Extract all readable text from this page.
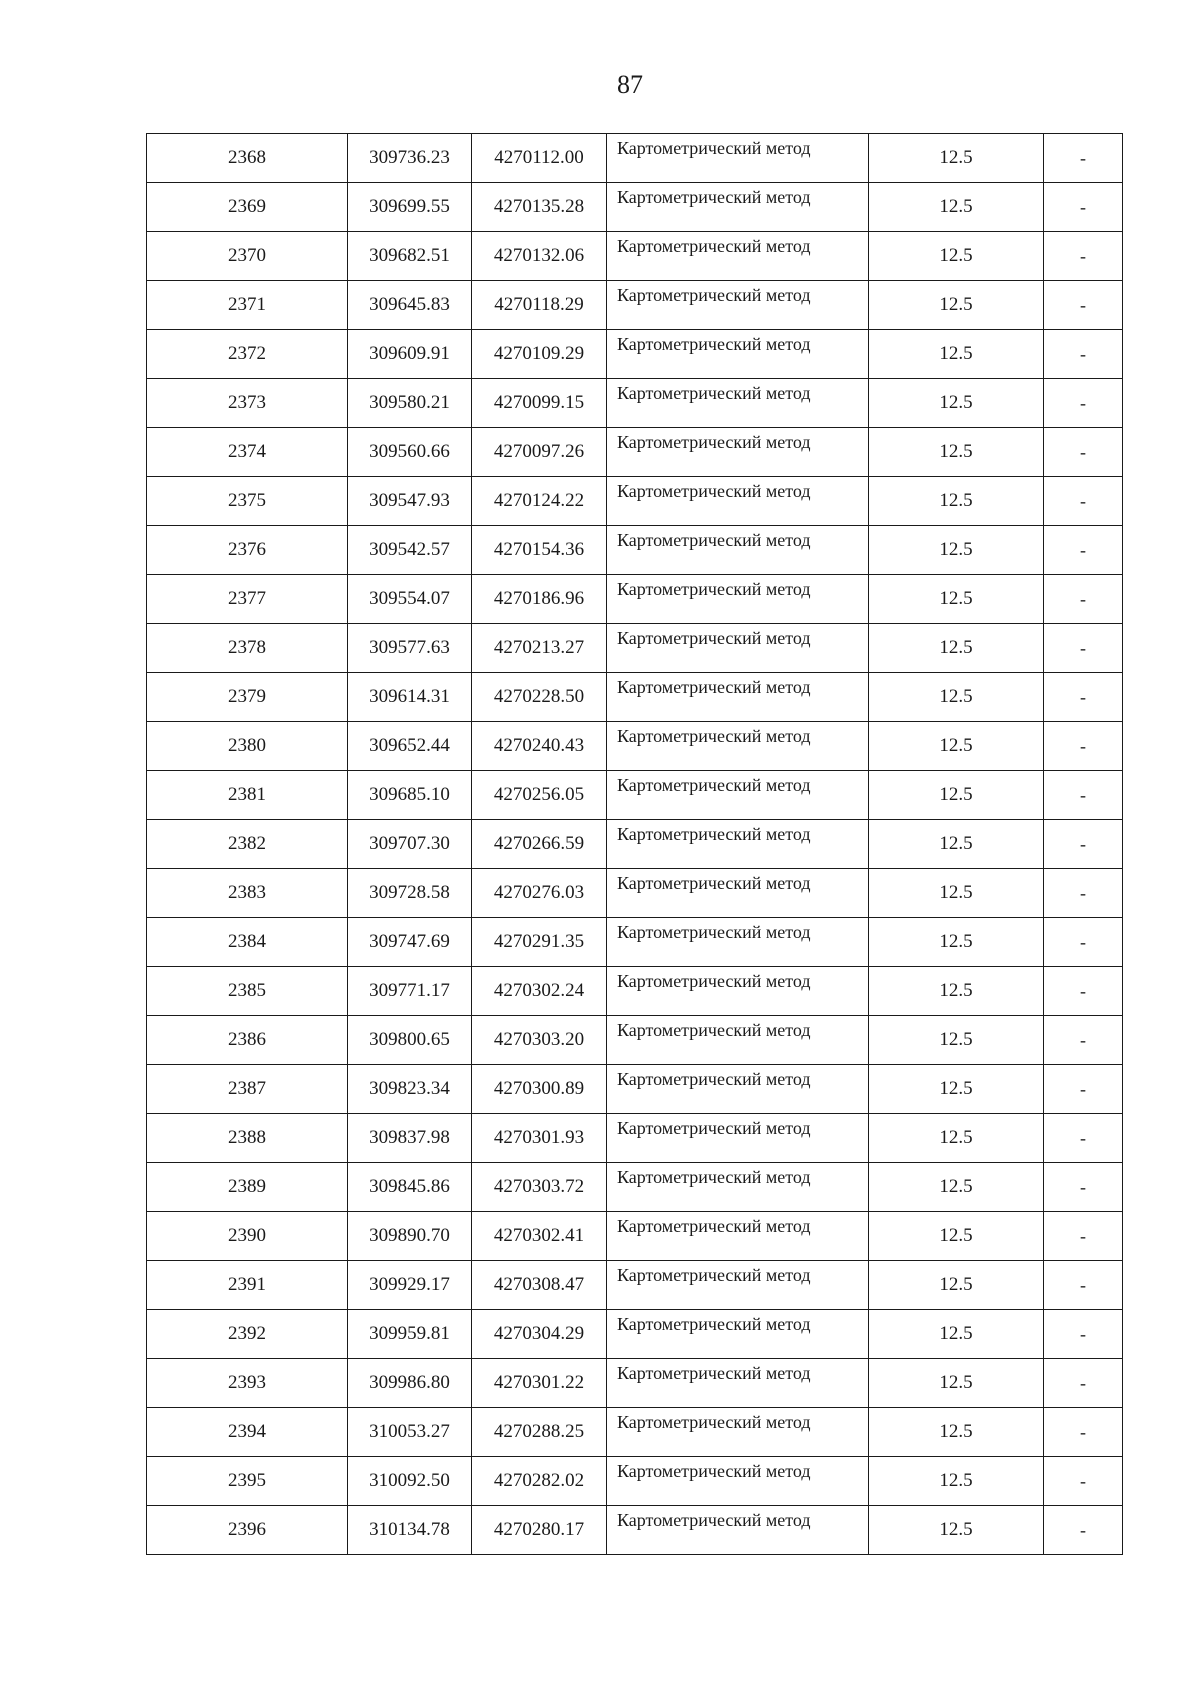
87
2368	309736.23	4270112.00	Картометрический метод	12.5	-
2369	309699.55	4270135.28	Картометрический метод	12.5	-
2370	309682.51	4270132.06	Картометрический метод	12.5	-
2371	309645.83	4270118.29	Картометрический метод	12.5	-
2372	309609.91	4270109.29	Картометрический метод	12.5	-
2373	309580.21	4270099.15	Картометрический метод	12.5	-
2374	309560.66	4270097.26	Картометрический метод	12.5	-
2375	309547.93	4270124.22	Картометрический метод	12.5	-
2376	309542.57	4270154.36	Картометрический метод	12.5	-
2377	309554.07	4270186.96	Картометрический метод	12.5	-
2378	309577.63	4270213.27	Картометрический метод	12.5	-
2379	309614.31	4270228.50	Картометрический метод	12.5	-
2380	309652.44	4270240.43	Картометрический метод	12.5	-
2381	309685.10	4270256.05	Картометрический метод	12.5	-
2382	309707.30	4270266.59	Картометрический метод	12.5	-
2383	309728.58	4270276.03	Картометрический метод	12.5	-
2384	309747.69	4270291.35	Картометрический метод	12.5	-
2385	309771.17	4270302.24	Картометрический метод	12.5	-
2386	309800.65	4270303.20	Картометрический метод	12.5	-
2387	309823.34	4270300.89	Картометрический метод	12.5	-
2388	309837.98	4270301.93	Картометрический метод	12.5	-
2389	309845.86	4270303.72	Картометрический метод	12.5	-
2390	309890.70	4270302.41	Картометрический метод	12.5	-
2391	309929.17	4270308.47	Картометрический метод	12.5	-
2392	309959.81	4270304.29	Картометрический метод	12.5	-
2393	309986.80	4270301.22	Картометрический метод	12.5	-
2394	310053.27	4270288.25	Картометрический метод	12.5	-
2395	310092.50	4270282.02	Картометрический метод	12.5	-
2396	310134.78	4270280.17	Картометрический метод	12.5	-
